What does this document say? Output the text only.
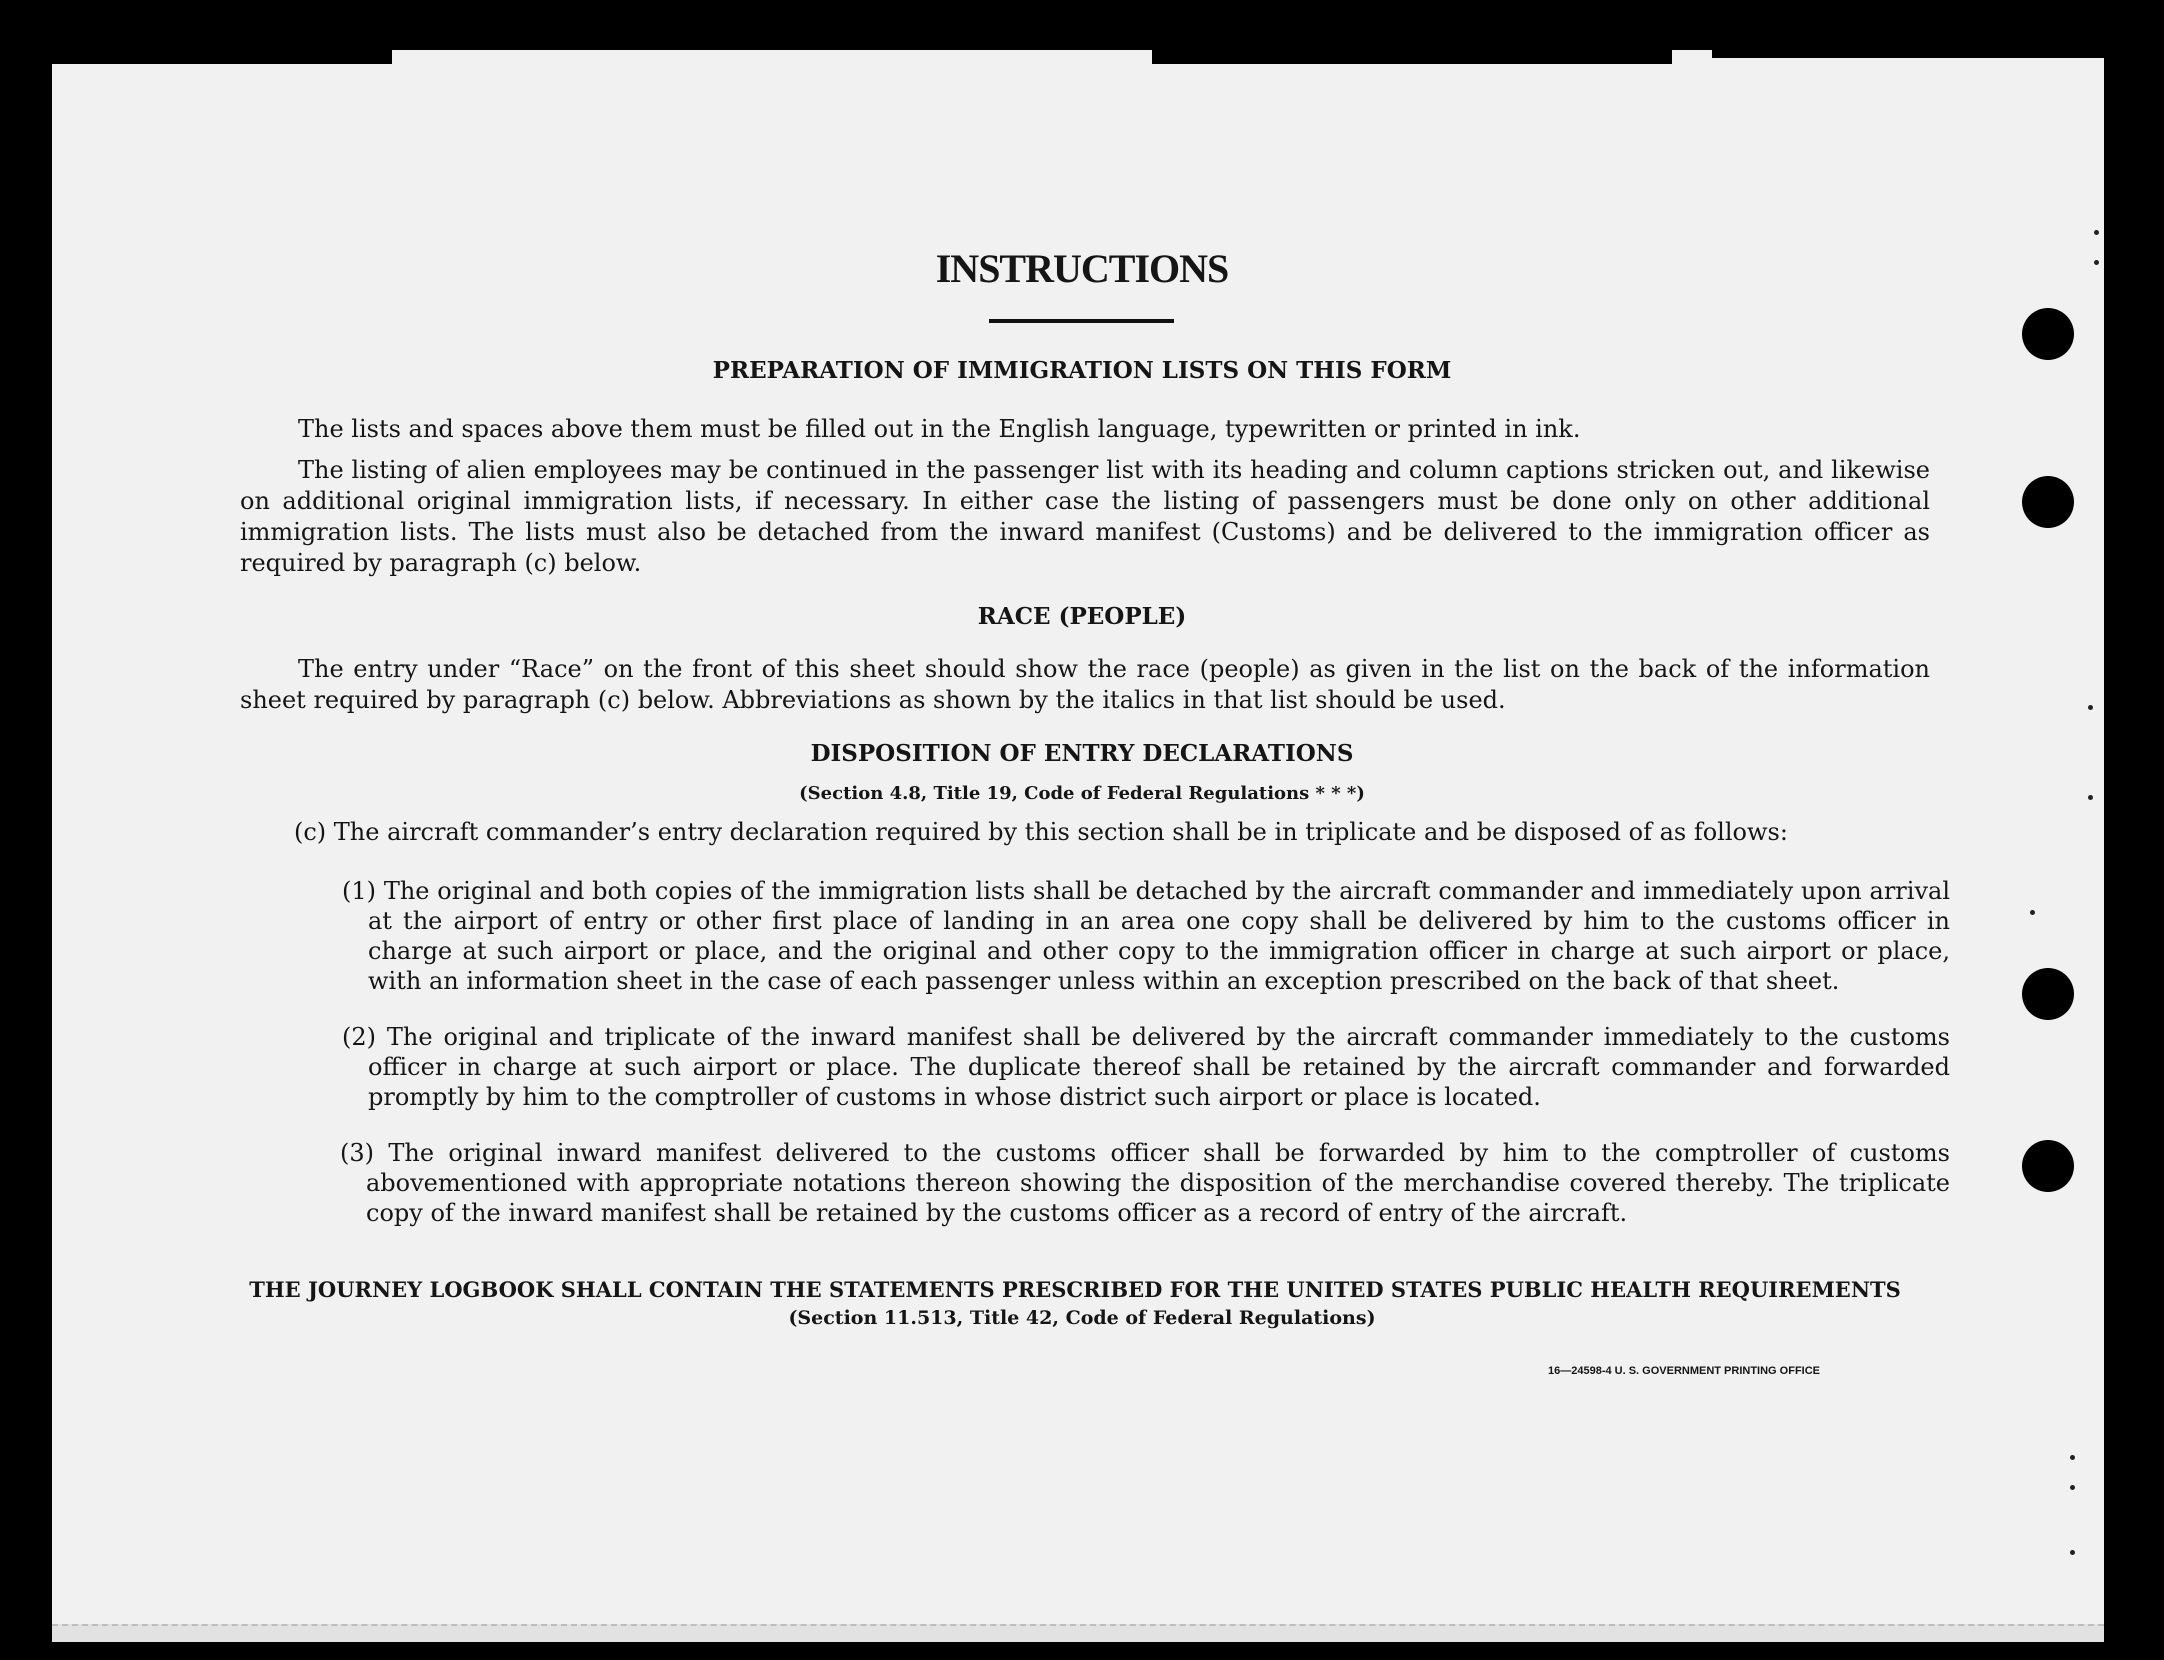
INSTRUCTIONS
PREPARATION OF IMMIGRATION LISTS ON THIS FORM

The lists and spaces above them must be filled out in the English language, typewritten or printed in ink.

The listing of alien employees may be continued in the passenger list with its heading and column captions stricken out, and likewise on additional original immigration lists, if necessary. In either case the listing of passengers must be done only on other additional immigration lists. The lists must also be detached from the inward manifest (Customs) and be delivered to the immigration officer as required by paragraph (c) below.

RACE (PEOPLE)

The entry under “Race” on the front of this sheet should show the race (people) as given in the list on the back of the information sheet required by paragraph (c) below. Abbreviations as shown by the italics in that list should be used.

DISPOSITION OF ENTRY DECLARATIONS

(Section 4.8, Title 19, Code of Federal Regulations * * *)

(c) The aircraft commander’s entry declaration required by this section shall be in triplicate and be disposed of as follows:

(1) The original and both copies of the immigration lists shall be detached by the aircraft commander and immediately upon arrival at the airport of entry or other first place of landing in an area one copy shall be delivered by him to the customs officer in charge at such airport or place, and the original and other copy to the immigration officer in charge at such airport or place, with an information sheet in the case of each passenger unless within an exception prescribed on the back of that sheet.

(2) The original and triplicate of the inward manifest shall be delivered by the aircraft commander immediately to the customs officer in charge at such airport or place. The duplicate thereof shall be retained by the aircraft commander and forwarded promptly by him to the comptroller of customs in whose district such airport or place is located.

(3) The original inward manifest delivered to the customs officer shall be forwarded by him to the comptroller of customs abovementioned with appropriate notations thereon showing the disposition of the merchandise covered thereby. The triplicate copy of the inward manifest shall be retained by the customs officer as a record of entry of the aircraft.

THE JOURNEY LOGBOOK SHALL CONTAIN THE STATEMENTS PRESCRIBED FOR THE UNITED STATES PUBLIC HEALTH REQUIREMENTS

(Section 11.513, Title 42, Code of Federal Regulations)

16—24598-4 U. S. GOVERNMENT PRINTING OFFICE
